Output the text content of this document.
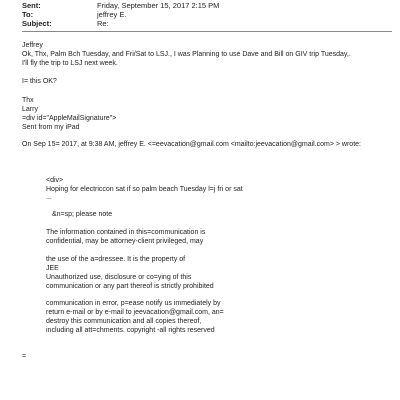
Sent:	Friday, September 15, 2017 2:15 PM
To:	jeffrey E.
Subject:	Re:
Jeffrey
Ok, Thx, Palm Bch Tuesday, and Fri/Sat to LSJ., I was Planning to use Dave and Bill on GIV trip Tuesday,.
I'll fly the trip to LSJ next week.
I= this OK?
Thx
Larry
=div id="AppleMailSignature">
Sent from my iPad
On Sep 15= 2017, at 9:38 AM, jeffrey E. <=eevacation@gmail.com <mailto:jeevacation@gmail.com> > wrote:
<div>
Hoping for electriccon sat if so palm beach Tuesday l=j fri or sat
...
&n=sp; please note
The information contained in this=communication is
confidential, may be attorney-client privileged, may
the use of the a=dressee. It is the property of
JEE
Unauthorized use, disclosure or co=ying of this
communication or any part thereof is strictly prohibited
communication in error, p=ease notify us immediately by
return e-mail or by e-mail to jeevacation@gmail.com, an=
destroy this communication and all copies thereof,
including all att=chments. copyright -all rights reserved
=
